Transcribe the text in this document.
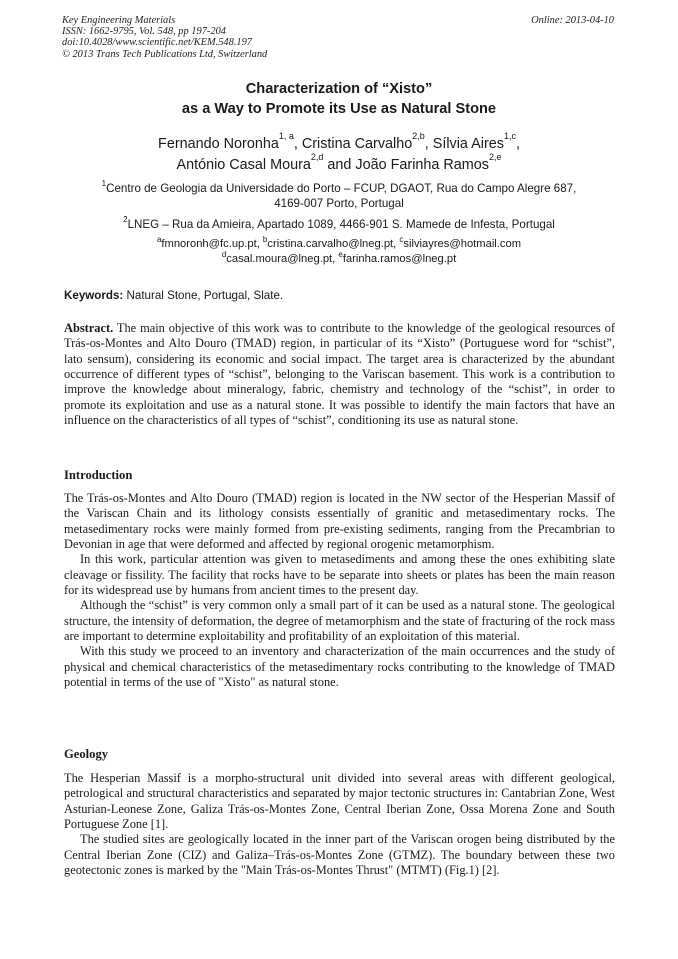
Key Engineering Materials
ISSN: 1662-9795, Vol. 548, pp 197-204
doi:10.4028/www.scientific.net/KEM.548.197
© 2013 Trans Tech Publications Ltd, Switzerland
Online: 2013-04-10
Characterization of “Xisto”
as a Way to Promote its Use as Natural Stone
Fernando Noronha$^{1, a}$, Cristina Carvalho$^{2,b}$, Sílvia Aires$^{1,c}$,
António Casal Moura$^{2,d}$ and João Farinha Ramos$^{2,e}$
$^1$Centro de Geologia da Universidade do Porto – FCUP, DGAOT, Rua do Campo Alegre 687,
4169-007 Porto, Portugal
$^2$LNEG – Rua da Amieira, Apartado 1089, 4466-901 S. Mamede de Infesta, Portugal
$^a$fmnoronh@fc.up.pt, $^b$cristina.carvalho@lneg.pt, $^c$silviayres@hotmail.com
$^d$casal.moura@lneg.pt, $^e$farinha.ramos@lneg.pt
Keywords: Natural Stone, Portugal, Slate.

Abstract. The main objective of this work was to contribute to the knowledge of the geological resources of Trás-os-Montes and Alto Douro (TMAD) region, in particular of its “Xisto” (Portuguese word for “schist”, lato sensum), considering its economic and social impact. The target area is characterized by the abundant occurrence of different types of “schist”, belonging to the Variscan basement. This work is a contribution to improve the knowledge about mineralogy, fabric, chemistry and technology of the “schist”, in order to promote its exploitation and use as a natural stone. It was possible to identify the main factors that have an influence on the characteristics of all types of “schist”, conditioning its use as natural stone.

Introduction

The Trás-os-Montes and Alto Douro (TMAD) region is located in the NW sector of the Hesperian Massif of the Variscan Chain and its lithology consists essentially of granitic and metasedimentary rocks. The metasedimentary rocks were mainly formed from pre-existing sediments, ranging from the Precambrian to Devonian in age that were deformed and affected by regional orogenic metamorphism.

In this work, particular attention was given to metasediments and among these the ones exhibiting slate cleavage or fissility. The facility that rocks have to be separate into sheets or plates has been the main reason for its widespread use by humans from ancient times to the present day.

Although the “schist” is very common only a small part of it can be used as a natural stone. The geological structure, the intensity of deformation, the degree of metamorphism and the state of fracturing of the rock mass are important to determine exploitability and profitability of an exploitation of this material.

With this study we proceed to an inventory and characterization of the main occurrences and the study of physical and chemical characteristics of the metasedimentary rocks contributing to the knowledge of TMAD potential in terms of the use of "Xisto" as natural stone.

Geology

The Hesperian Massif is a morpho-structural unit divided into several areas with different geological, petrological and structural characteristics and separated by major tectonic structures in: Cantabrian Zone, West Asturian-Leonese Zone, Galiza Trás-os-Montes Zone, Central Iberian Zone, Ossa Morena Zone and South Portuguese Zone [1].

The studied sites are geologically located in the inner part of the Variscan orogen being distributed by the Central Iberian Zone (CIZ) and Galiza–Trás-os-Montes Zone (GTMZ). The boundary between these two geotectonic zones is marked by the "Main Trás-os-Montes Thrust" (MTMT) (Fig.1) [2].
